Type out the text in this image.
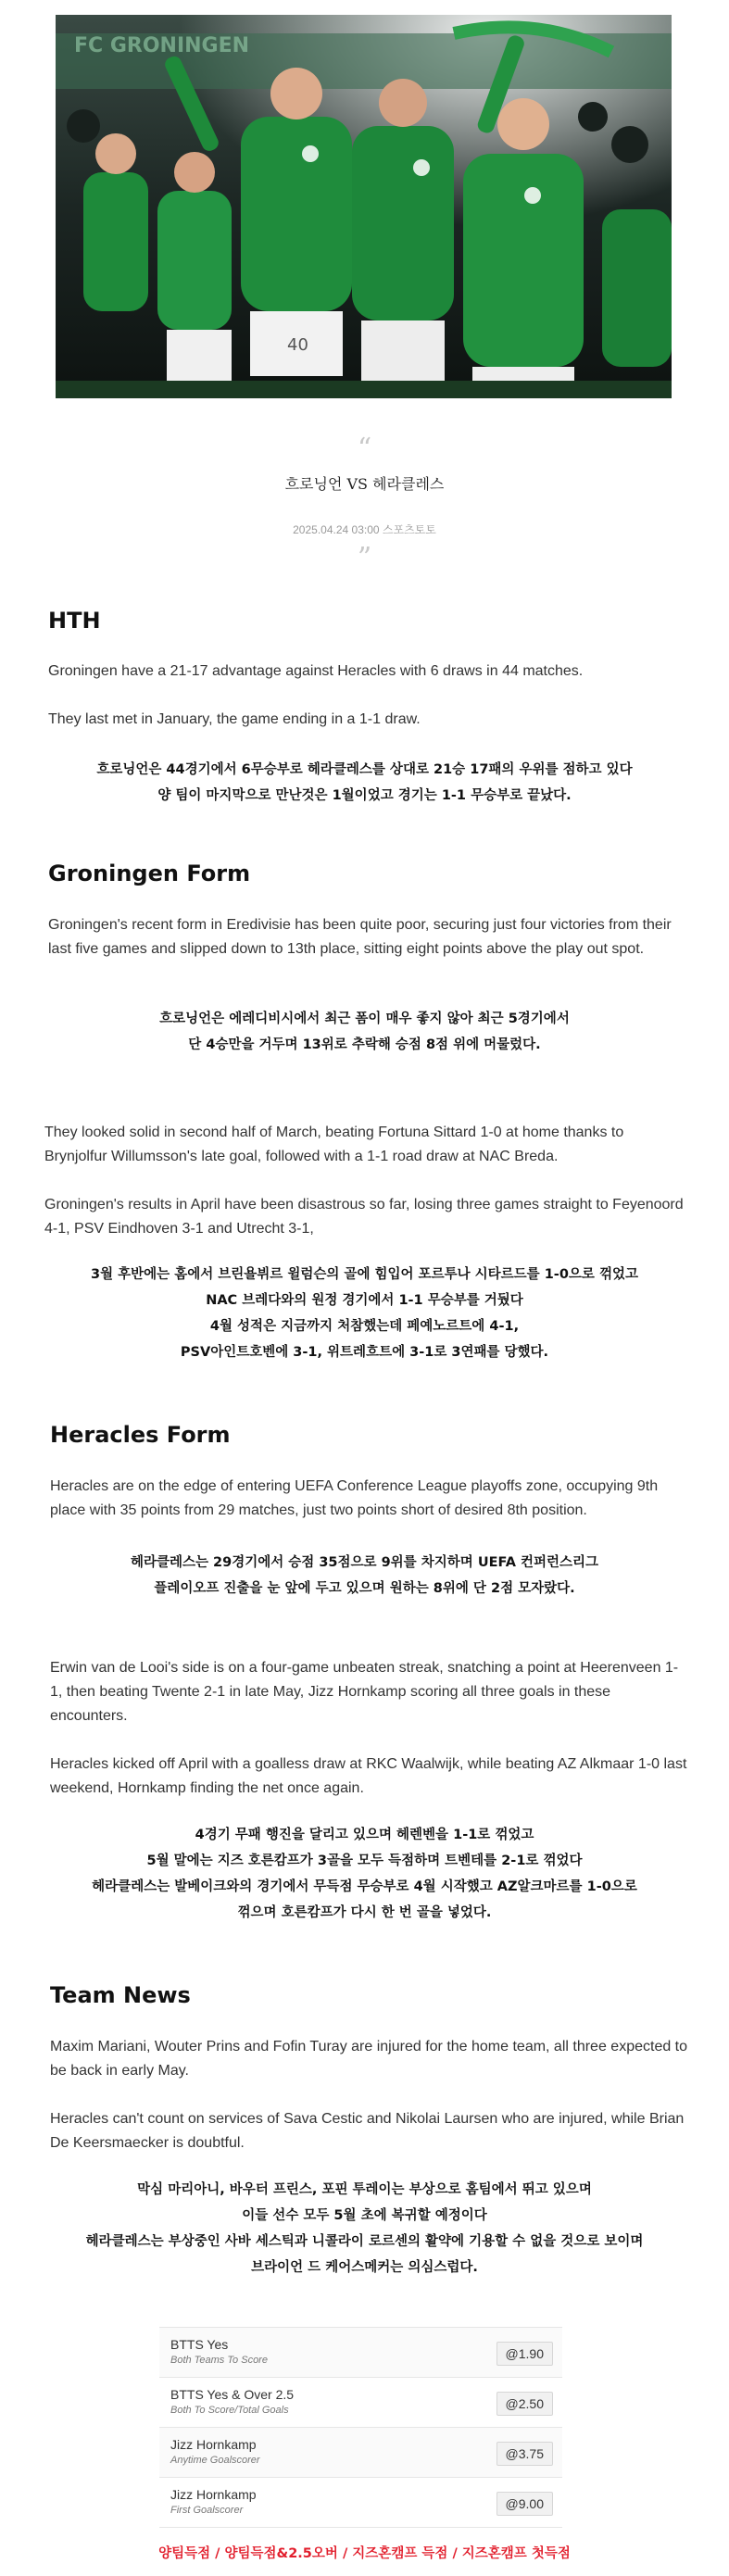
FC GRONINGEN
40
“
흐로닝언 VS 헤라클레스
2025.04.24 03:00 스포츠토토
”
HTH
Groningen have a 21-17 advantage against Heracles with 6 draws in 44 matches.
They last met in January, the game ending in a 1-1 draw.
흐로닝언은 44경기에서 6무승부로 헤라클레스를 상대로 21승 17패의 우위를 점하고 있다
양 팀이 마지막으로 만난것은 1월이었고 경기는 1-1 무승부로 끝났다.
Groningen Form
Groningen's recent form in Eredivisie has been quite poor, securing just four victories from their last five games and slipped down to 13th place, sitting eight points above the play out spot.
흐로닝언은 에레디비시에서 최근 폼이 매우 좋지 않아 최근 5경기에서
단 4승만을 거두며 13위로 추락해 승점 8점 위에 머물렀다.
They looked solid in second half of March, beating Fortuna Sittard 1-0 at home thanks to Brynjolfur Willumsson's late goal, followed with a 1-1 road draw at NAC Breda.
Groningen's results in April have been disastrous so far, losing three games straight to Feyenoord 4-1, PSV Eindhoven 3-1 and Utrecht 3-1,
3월 후반에는 홈에서 브린욜뷔르 윌럼슨의 골에 힘입어 포르투나 시타르드를 1-0으로 꺾었고
NAC 브레다와의 원정 경기에서 1-1 무승부를 거뒀다
4월 성적은 지금까지 처참했는데 페예노르트에 4-1,
PSV아인트호벤에 3-1, 위트레흐트에 3-1로 3연패를 당했다.
Heracles Form
Heracles are on the edge of entering UEFA Conference League playoffs zone, occupying 9th place with 35 points from 29 matches, just two points short of desired 8th position.
헤라클레스는 29경기에서 승점 35점으로 9위를 차지하며 UEFA 컨퍼런스리그
플레이오프 진출을 눈 앞에 두고 있으며 원하는 8위에 단 2점 모자랐다.
Erwin van de Looi's side is on a four-game unbeaten streak, snatching a point at Heerenveen 1-1, then beating Twente 2-1 in late May, Jizz Hornkamp scoring all three goals in these encounters.
Heracles kicked off April with a goalless draw at RKC Waalwijk, while beating AZ Alkmaar 1-0 last weekend, Hornkamp finding the net once again.
4경기 무패 행진을 달리고 있으며 헤렌벤을 1-1로 꺾었고
5월 말에는 지즈 호른캄프가 3골을 모두 득점하며 트벤테를 2-1로 꺾었다
헤라클레스는 발베이크와의 경기에서 무득점 무승부로 4월 시작했고 AZ알크마르를 1-0으로
꺾으며 호른캄프가 다시 한 번 골을 넣었다.
Team News
Maxim Mariani, Wouter Prins and Fofin Turay are injured for the home team, all three expected to be back in early May.
Heracles can't count on services of Sava Cestic and Nikolai Laursen who are injured, while Brian De Keersmaecker is doubtful.
막심 마리아니, 바우터 프린스, 포핀 투레이는 부상으로 홈팀에서 뛰고 있으며
이들 선수 모두 5월 초에 복귀할 예정이다
헤라클레스는 부상중인 사바 세스틱과 니콜라이 로르센의 활약에 기용할 수 없을 것으로 보이며
브라이언 드 케어스메커는 의심스럽다.
BTTS Yes
Both Teams To Score	@1.90
BTTS Yes & Over 2.5
Both To Score/Total Goals	@2.50
Jizz Hornkamp
Anytime Goalscorer	@3.75
Jizz Hornkamp
First Goalscorer	@9.00
양팀득점 / 양팀득점&2.5오버 / 지즈혼캠프 득점 / 지즈혼캠프 첫득점
